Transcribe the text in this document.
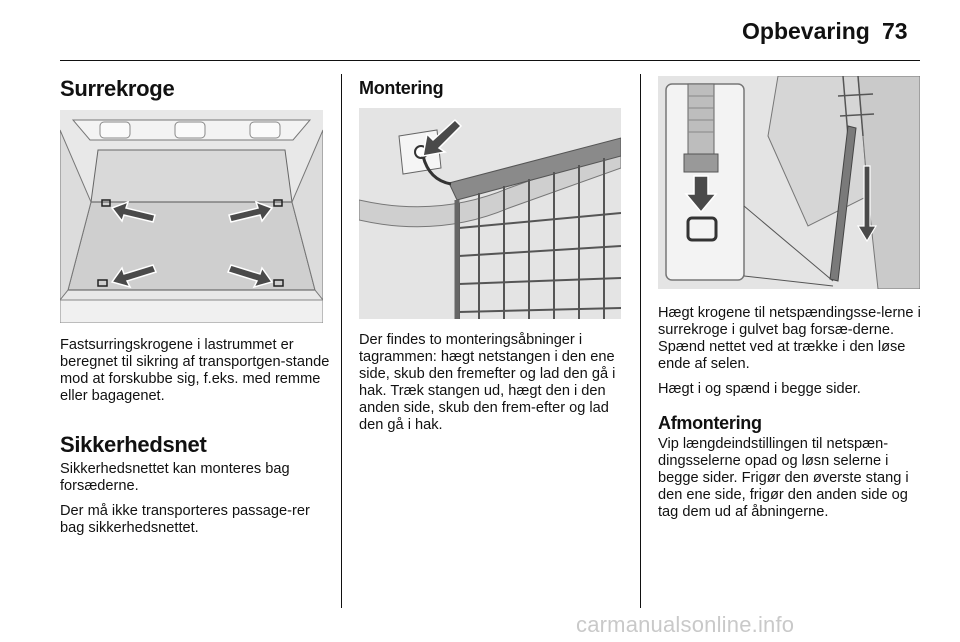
Opbevaring 73
Surrekroge

Fastsurringskrogene i lastrummet er beregnet til sikring af transportgen-stande mod at forskubbe sig, f.eks. med remme eller bagagenet.

Sikkerhedsnet

Sikkerhedsnettet kan monteres bag forsæderne.

Der må ikke transporteres passage-rer bag sikkerhedsnettet.

Montering

Der findes to monteringsåbninger i tagrammen: hægt netstangen i den ene side, skub den fremefter og lad den gå i hak. Træk stangen ud, hægt den i den anden side, skub den frem-efter og lad den gå i hak.

Hægt krogene til netspændingsse-lerne i surrekroge i gulvet bag forsæ-derne. Spænd nettet ved at trække i den løse ende af selen.

Hægt i og spænd i begge sider.

Afmontering

Vip længdeindstillingen til netspæn-dingsselerne opad og løsn selerne i begge sider. Frigør den øverste stang i den ene side, frigør den anden side og tag dem ud af åbningerne.

carmanualsonline.info
